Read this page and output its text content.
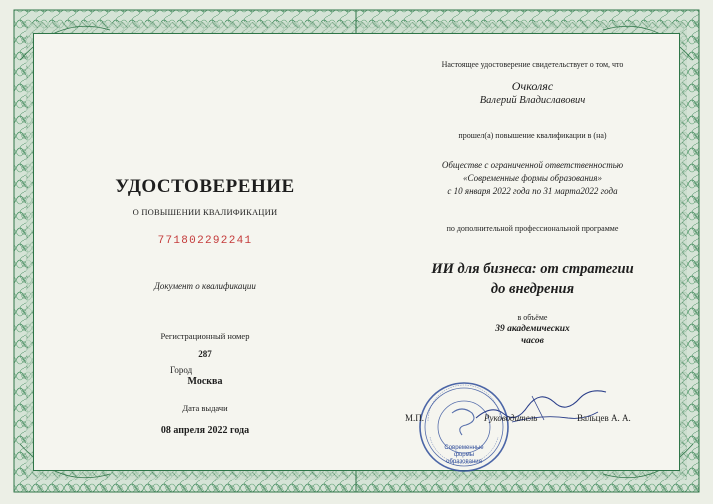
УДОСТОВЕРЕНИЕ
О ПОВЫШЕНИИ КВАЛИФИКАЦИИ
771802292241
Документ о квалификации
Регистрационный номер
287
Город
Москва
Дата выдачи
08 апреля 2022 года
Настоящее удостоверение свидетельствует о том, что
Очколяс
Валерий Владиславович
прошел(а) повышение квалификации в (на)
Обществе с ограниченной ответственностью
«Современные формы образования»
с 10 января 2022 года по 31 марта2022 года
по дополнительной профессиональной программе
ИИ для бизнеса: от стратегии
до внедрения
в объёме
39 академических
часов
Современные
формы
образования
М.П.	Руководитель	Вальцев А. А.
